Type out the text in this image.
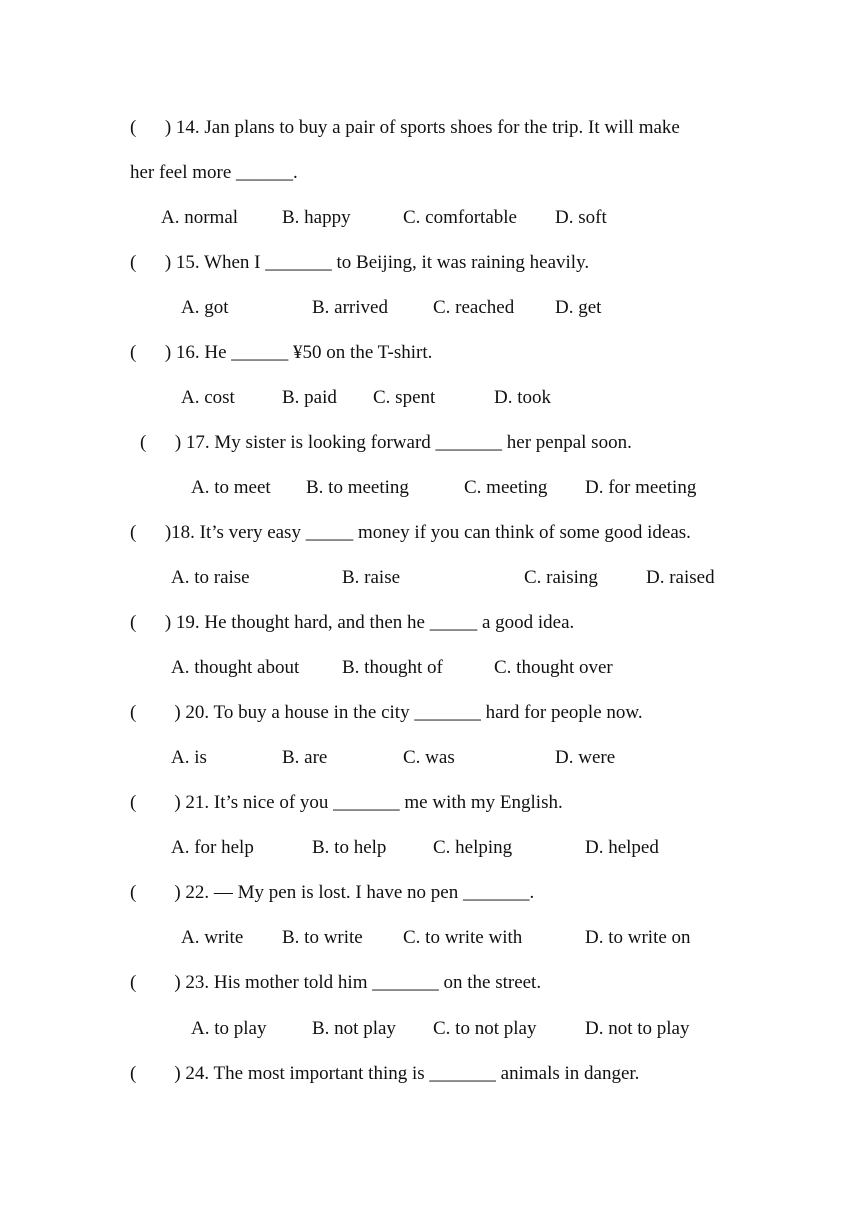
(      ) 14. Jan plans to buy a pair of sports shoes for the trip. It will make
her feel more ______.
A. normal B. happy	C. comfortable D. soft
(      ) 15. When I _______ to Beijing, it was raining heavily.
A. got	B. arrived C. reached D. get
(      ) 16. He ______ ¥50 on the T-shirt.
A. cost B. paid C. spent	D. took
(      ) 17. My sister is looking forward _______ her penpal soon.
A. to meet B. to meeting	C. meeting D. for meeting
(      )18. It’s very easy _____ money if you can think of some good ideas.
A. to raise	B. raise	C. raising	D. raised
(      ) 19. He thought hard, and then he _____ a good idea.
A. thought about B. thought of	C. thought over
(        ) 20. To buy a house in the city _______ hard for people now.
A. is	B. are	C. was	D. were
(        ) 21. It’s nice of you _______ me with my English.
A. for help	B. to help C. helping	D. helped
(        ) 22. — My pen is lost. I have no pen _______.
A. write B. to write C. to write with	D. to write on
(        ) 23. His mother told him _______ on the street.
A. to play B. not play C. to not play	D. not to play
(        ) 24. The most important thing is _______ animals in danger.
